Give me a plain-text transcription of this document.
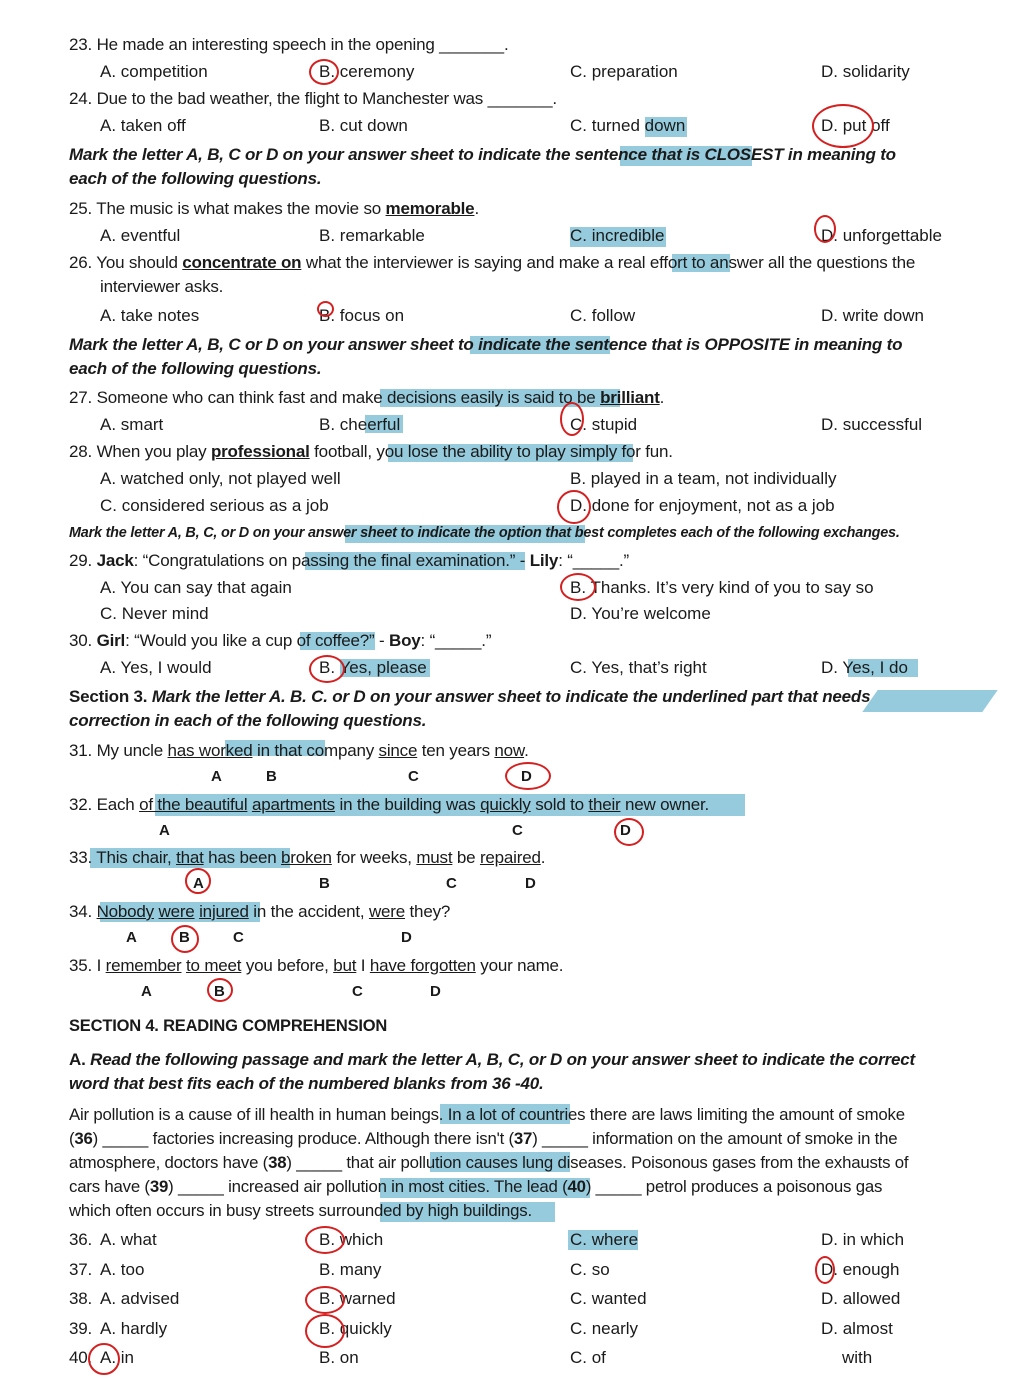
23. He made an interesting speech in the opening _______.
A. competition	B. ceremony	C. preparation	D. solidarity
24. Due to the bad weather, the flight to Manchester was _______.
A. taken off	B. cut down	C. turned down	D. put off
Mark the letter A, B, C or D on your answer sheet to indicate the sentence that is CLOSEST in meaning to
each of the following questions.
25. The music is what makes the movie so memorable.
A. eventful	B. remarkable	C. incredible	D. unforgettable
26. You should concentrate on what the interviewer is saying and make a real effort to answer all the questions the
interviewer asks.
A. take notes	B. focus on	C. follow	D. write down
Mark the letter A, B, C or D on your answer sheet to indicate the sentence that is OPPOSITE in meaning to
each of the following questions.
27. Someone who can think fast and make decisions easily is said to be brilliant.
A. smart	B. cheerful	C. stupid	D. successful
28. When you play professional football, you lose the ability to play simply for fun.
A. watched only, not played well	B. played in a team, not individually
C. considered serious as a job	D. done for enjoyment, not as a job
Mark the letter A, B, C, or D on your answer sheet to indicate the option that best completes each of the following exchanges.
29. Jack: “Congratulations on passing the final examination.” - Lily: “_____.”
A. You can say that again	B. Thanks. It’s very kind of you to say so
C. Never mind	D. You’re welcome
30. Girl: “Would you like a cup of coffee?” - Boy: “_____.”
A. Yes, I would	B. Yes, please	C. Yes, that’s right	D. Yes, I do
Section 3. Mark the letter A. B. C. or D on your answer sheet to indicate the underlined part that needs
correction in each of the following questions.
31. My uncle has worked in that company since ten years now.
A	B	C	D
32. Each of the beautiful apartments in the building was quickly sold to their new owner.
A	C	D
33. This chair, that has been broken for weeks, must be repaired.
A	B	C	D
34. Nobody were injured in the accident, were they?
A	B	C	D
35. I remember to meet you before, but I have forgotten your name.
A	B	C	D
SECTION 4. READING COMPREHENSION
A. Read the following passage and mark the letter A, B, C, or D on your answer sheet to indicate the correct
word that best fits each of the numbered blanks from 36 -40.
Air pollution is a cause of ill health in human beings. In a lot of countries there are laws limiting the amount of smoke
(36) _____ factories increasing produce. Although there isn't (37) _____ information on the amount of smoke in the
atmosphere, doctors have (38) _____ that air pollution causes lung diseases. Poisonous gases from the exhausts of
cars have (39) _____ increased air pollution in most cities. The lead (40) _____ petrol produces a poisonous gas
which often occurs in busy streets surrounded by high buildings.
36. A. what	B. which	C. where	D. in which
37. A. too	B. many	C. so	D. enough
38. A. advised	B. warned	C. wanted	D. allowed
39. A. hardly	B. quickly	C. nearly	D. almost
40. A. in	B. on	C. of	with
